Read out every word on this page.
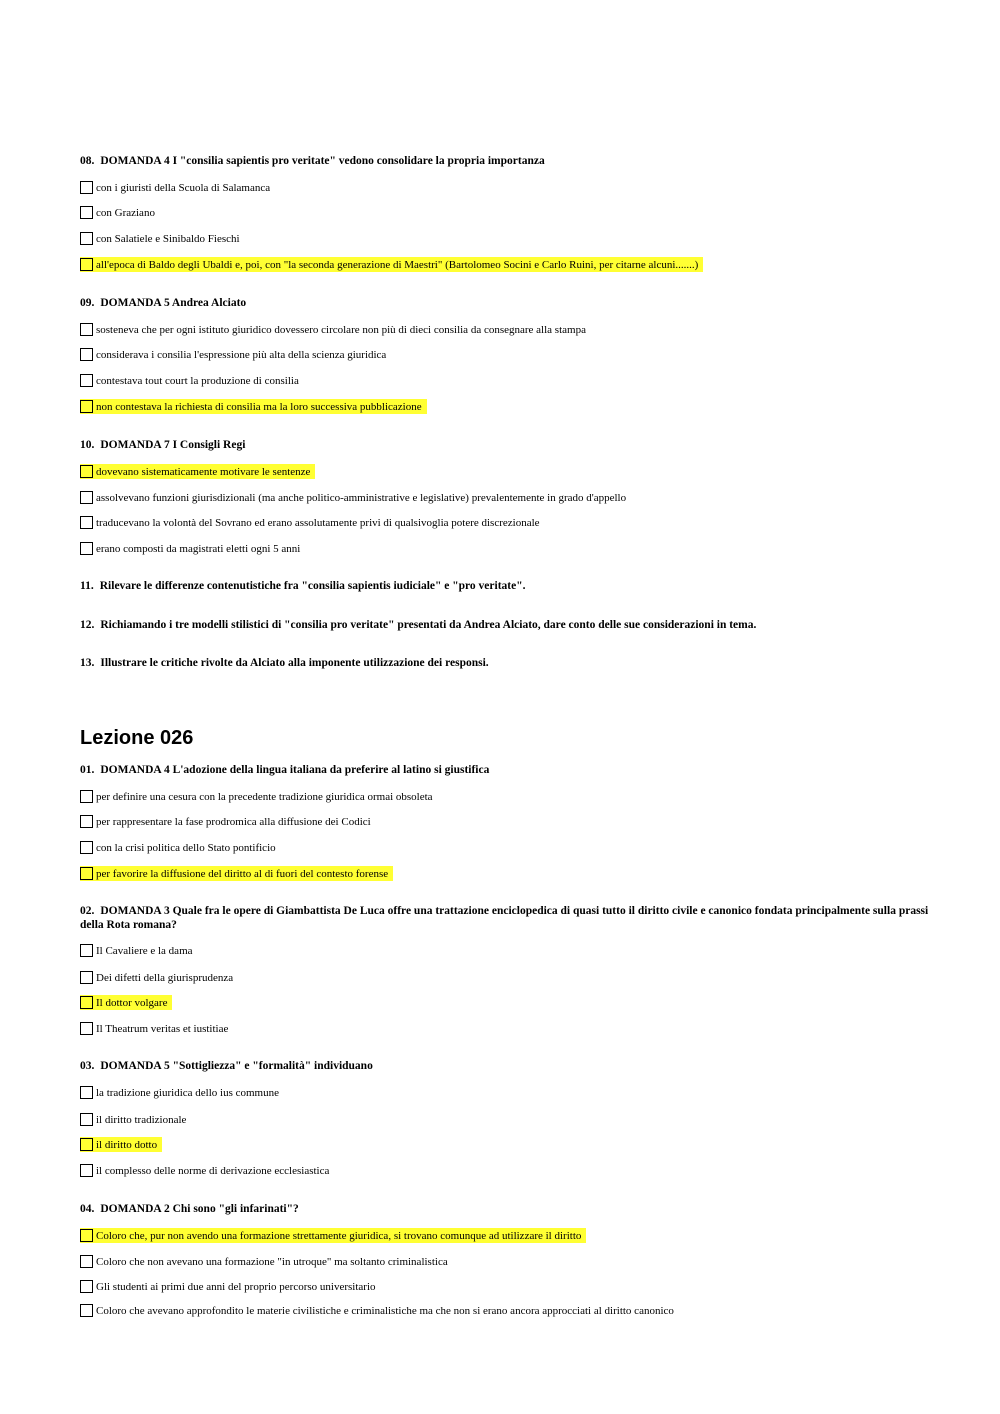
08. DOMANDA 4 I "consilia sapientis pro veritate" vedono consolidare la propria importanza
con i giuristi della Scuola di Salamanca
con Graziano
con Salatiele e Sinibaldo Fieschi
all'epoca di Baldo degli Ubaldi e, poi, con "la seconda generazione di Maestri" (Bartolomeo Socini e Carlo Ruini, per citarne alcuni.......)
09. DOMANDA 5 Andrea Alciato
sosteneva che per ogni istituto giuridico dovessero circolare non più di dieci consilia da consegnare alla stampa
considerava i consilia l'espressione più alta della scienza giuridica
contestava tout court la produzione di consilia
non contestava la richiesta di consilia ma la loro successiva pubblicazione
10. DOMANDA 7 I Consigli Regi
dovevano sistematicamente motivare le sentenze
assolvevano funzioni giurisdizionali (ma anche politico-amministrative e legislative) prevalentemente in grado d'appello
traducevano la volontà del Sovrano ed erano assolutamente privi di qualsivoglia potere discrezionale
erano composti da magistrati eletti ogni 5 anni
11. Rilevare le differenze contenutistiche fra "consilia sapientis iudiciale" e "pro veritate".
12. Richiamando i tre modelli stilistici di "consilia pro veritate" presentati da Andrea Alciato, dare conto delle sue considerazioni in tema.
13. Illustrare le critiche rivolte da Alciato alla imponente utilizzazione dei responsi.
Lezione 026
01. DOMANDA 4 L'adozione della lingua italiana da preferire al latino si giustifica
per definire una cesura con la precedente tradizione giuridica ormai obsoleta
per rappresentare la fase prodromica alla diffusione dei Codici
con la crisi politica dello Stato pontificio
per favorire la diffusione del diritto al di fuori del contesto forense
02. DOMANDA 3 Quale fra le opere di Giambattista De Luca offre una trattazione enciclopedica di quasi tutto il diritto civile e canonico fondata principalmente sulla prassi della Rota romana?
Il Cavaliere e la dama
Dei difetti della giurisprudenza
Il dottor volgare
Il Theatrum veritas et iustitiae
03. DOMANDA 5 "Sottigliezza" e "formalità" individuano
la tradizione giuridica dello ius commune
il diritto tradizionale
il diritto dotto
il complesso delle norme di derivazione ecclesiastica
04. DOMANDA 2 Chi sono "gli infarinati"?
Coloro che, pur non avendo una formazione strettamente giuridica, si trovano comunque ad utilizzare il diritto
Coloro che non avevano una formazione "in utroque" ma soltanto criminalistica
Gli studenti ai primi due anni del proprio percorso universitario
Coloro che avevano approfondito le materie civilistiche e criminalistiche ma che non si erano ancora approcciati al diritto canonico
